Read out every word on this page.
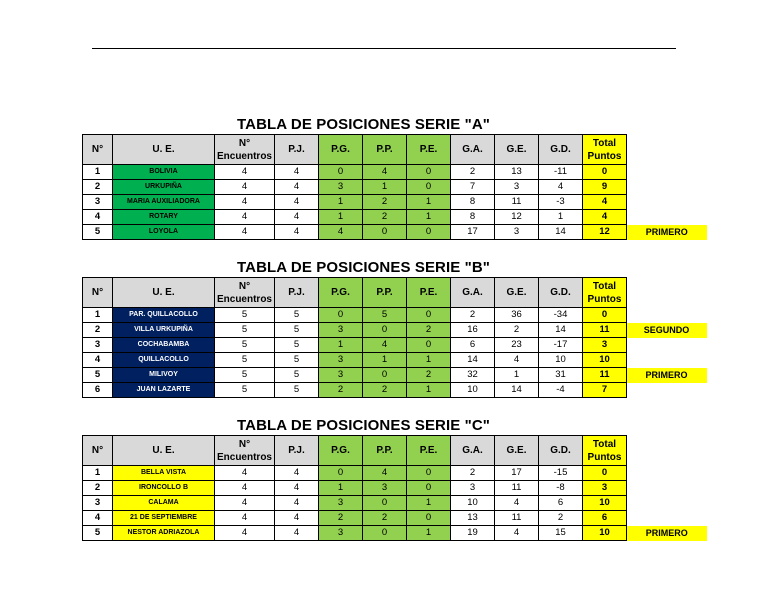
TABLA DE POSICIONES SERIE "A"
N°	U. E.	N° Encuentros	P.J.	P.G.	P.P.	P.E.	G.A.	G.E.	G.D.	Total Puntos	
1	BOLIVIA	4	4	0	4	0	2	13	-11	0	
2	URKUPIÑA	4	4	3	1	0	7	3	4	9	
3	MARIA AUXILIADORA	4	4	1	2	1	8	11	-3	4	
4	ROTARY	4	4	1	2	1	8	12	1	4	
5	LOYOLA	4	4	4	0	0	17	3	14	12	PRIMERO
TABLA DE POSICIONES SERIE "B"
N°	U. E.	N° Encuentros	P.J.	P.G.	P.P.	P.E.	G.A.	G.E.	G.D.	Total Puntos	
1	PAR. QUILLACOLLO	5	5	0	5	0	2	36	-34	0	
2	VILLA URKUPIÑA	5	5	3	0	2	16	2	14	11	SEGUNDO
3	COCHABAMBA	5	5	1	4	0	6	23	-17	3	
4	QUILLACOLLO	5	5	3	1	1	14	4	10	10	
5	MILIVOY	5	5	3	0	2	32	1	31	11	PRIMERO
6	JUAN LAZARTE	5	5	2	2	1	10	14	-4	7	
TABLA DE POSICIONES SERIE "C"
N°	U. E.	N° Encuentros	P.J.	P.G.	P.P.	P.E.	G.A.	G.E.	G.D.	Total Puntos	
1	BELLA VISTA	4	4	0	4	0	2	17	-15	0	
2	IRONCOLLO B	4	4	1	3	0	3	11	-8	3	
3	CALAMA	4	4	3	0	1	10	4	6	10	
4	21 DE SEPTIEMBRE	4	4	2	2	0	13	11	2	6	
5	NESTOR ADRIAZOLA	4	4	3	0	1	19	4	15	10	PRIMERO
